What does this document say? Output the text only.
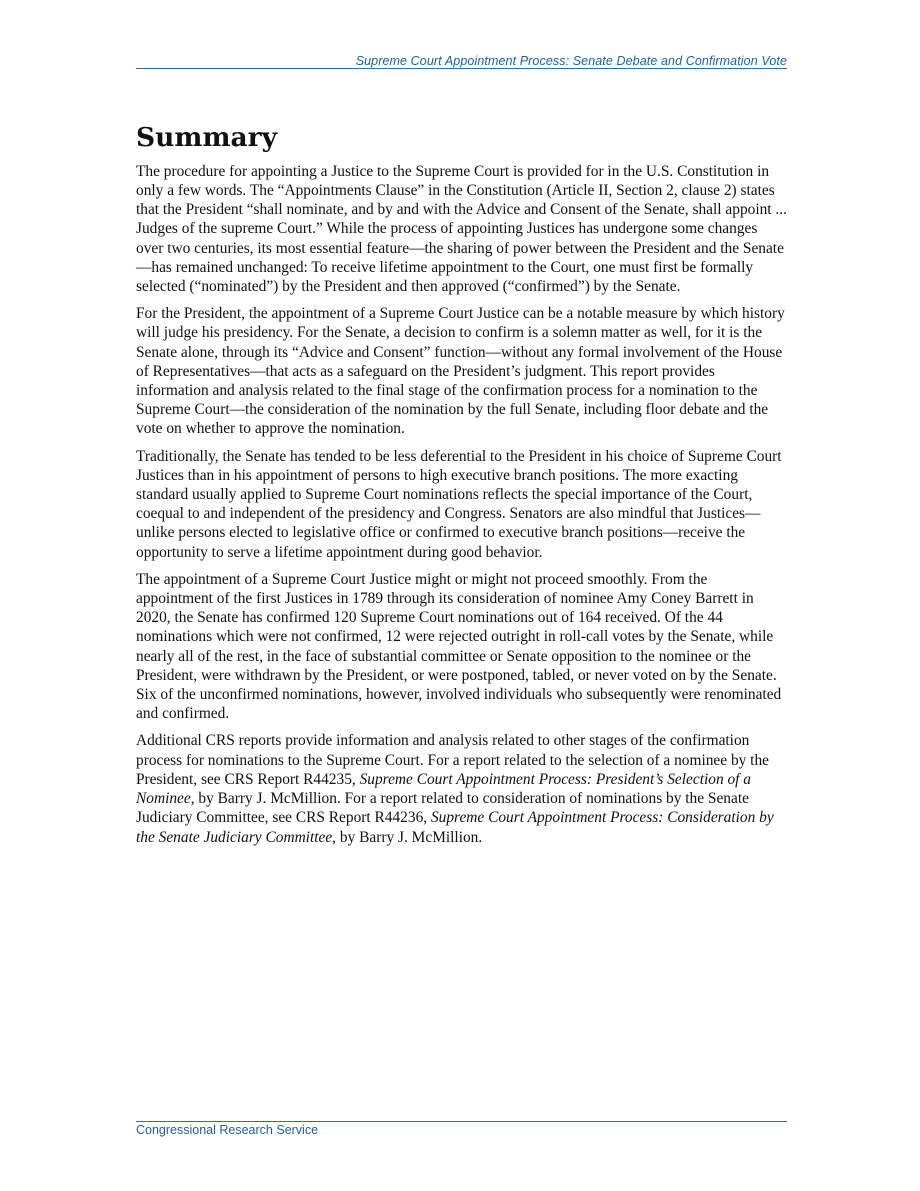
Supreme Court Appointment Process: Senate Debate and Confirmation Vote
Summary

The procedure for appointing a Justice to the Supreme Court is provided for in the U.S. Constitution in only a few words. The “Appointments Clause” in the Constitution (Article II, Section 2, clause 2) states that the President “shall nominate, and by and with the Advice and Consent of the Senate, shall appoint ... Judges of the supreme Court.” While the process of appointing Justices has undergone some changes over two centuries, its most essential feature—the sharing of power between the President and the Senate—has remained unchanged: To receive lifetime appointment to the Court, one must first be formally selected (“nominated”) by the President and then approved (“confirmed”) by the Senate.

For the President, the appointment of a Supreme Court Justice can be a notable measure by which history will judge his presidency. For the Senate, a decision to confirm is a solemn matter as well, for it is the Senate alone, through its “Advice and Consent” function—without any formal involvement of the House of Representatives—that acts as a safeguard on the President’s judgment. This report provides information and analysis related to the final stage of the confirmation process for a nomination to the Supreme Court—the consideration of the nomination by the full Senate, including floor debate and the vote on whether to approve the nomination.

Traditionally, the Senate has tended to be less deferential to the President in his choice of Supreme Court Justices than in his appointment of persons to high executive branch positions. The more exacting standard usually applied to Supreme Court nominations reflects the special importance of the Court, coequal to and independent of the presidency and Congress. Senators are also mindful that Justices—unlike persons elected to legislative office or confirmed to executive branch positions—receive the opportunity to serve a lifetime appointment during good behavior.

The appointment of a Supreme Court Justice might or might not proceed smoothly. From the appointment of the first Justices in 1789 through its consideration of nominee Amy Coney Barrett in 2020, the Senate has confirmed 120 Supreme Court nominations out of 164 received. Of the 44 nominations which were not confirmed, 12 were rejected outright in roll-call votes by the Senate, while nearly all of the rest, in the face of substantial committee or Senate opposition to the nominee or the President, were withdrawn by the President, or were postponed, tabled, or never voted on by the Senate. Six of the unconfirmed nominations, however, involved individuals who subsequently were renominated and confirmed.

Additional CRS reports provide information and analysis related to other stages of the confirmation process for nominations to the Supreme Court. For a report related to the selection of a nominee by the President, see CRS Report R44235, Supreme Court Appointment Process: President’s Selection of a Nominee, by Barry J. McMillion. For a report related to consideration of nominations by the Senate Judiciary Committee, see CRS Report R44236, Supreme Court Appointment Process: Consideration by the Senate Judiciary Committee, by Barry J. McMillion.

Congressional Research Service
